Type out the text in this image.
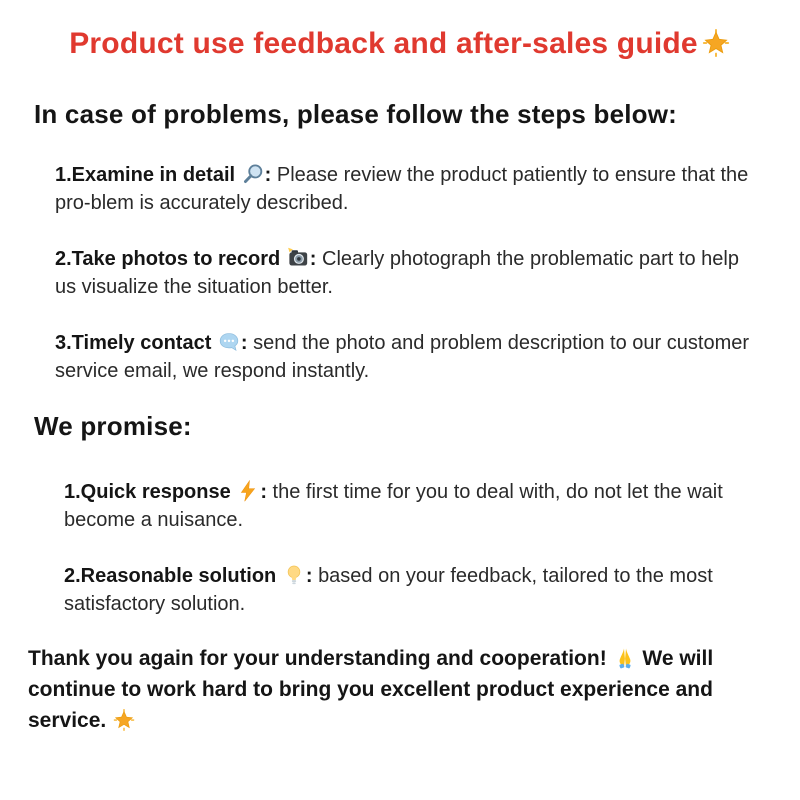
Product use feedback and after-sales guide
In case of problems, please follow the steps below:

1.Examine in detail : Please review the product patiently to ensure that the pro-blem is accurately described.

2.Take photos to record : Clearly photograph the problematic part to help us visualize the situation better.

3.Timely contact : send the photo and problem description to our customer service email, we respond instantly.

We promise:

1.Quick response : the first time for you to deal with, do not let the wait become a nuisance.

2.Reasonable solution : based on your feedback, tailored to the most satisfactory solution.

Thank you again for your understanding and cooperation! We will continue to work hard to bring you excellent product experience and service.
